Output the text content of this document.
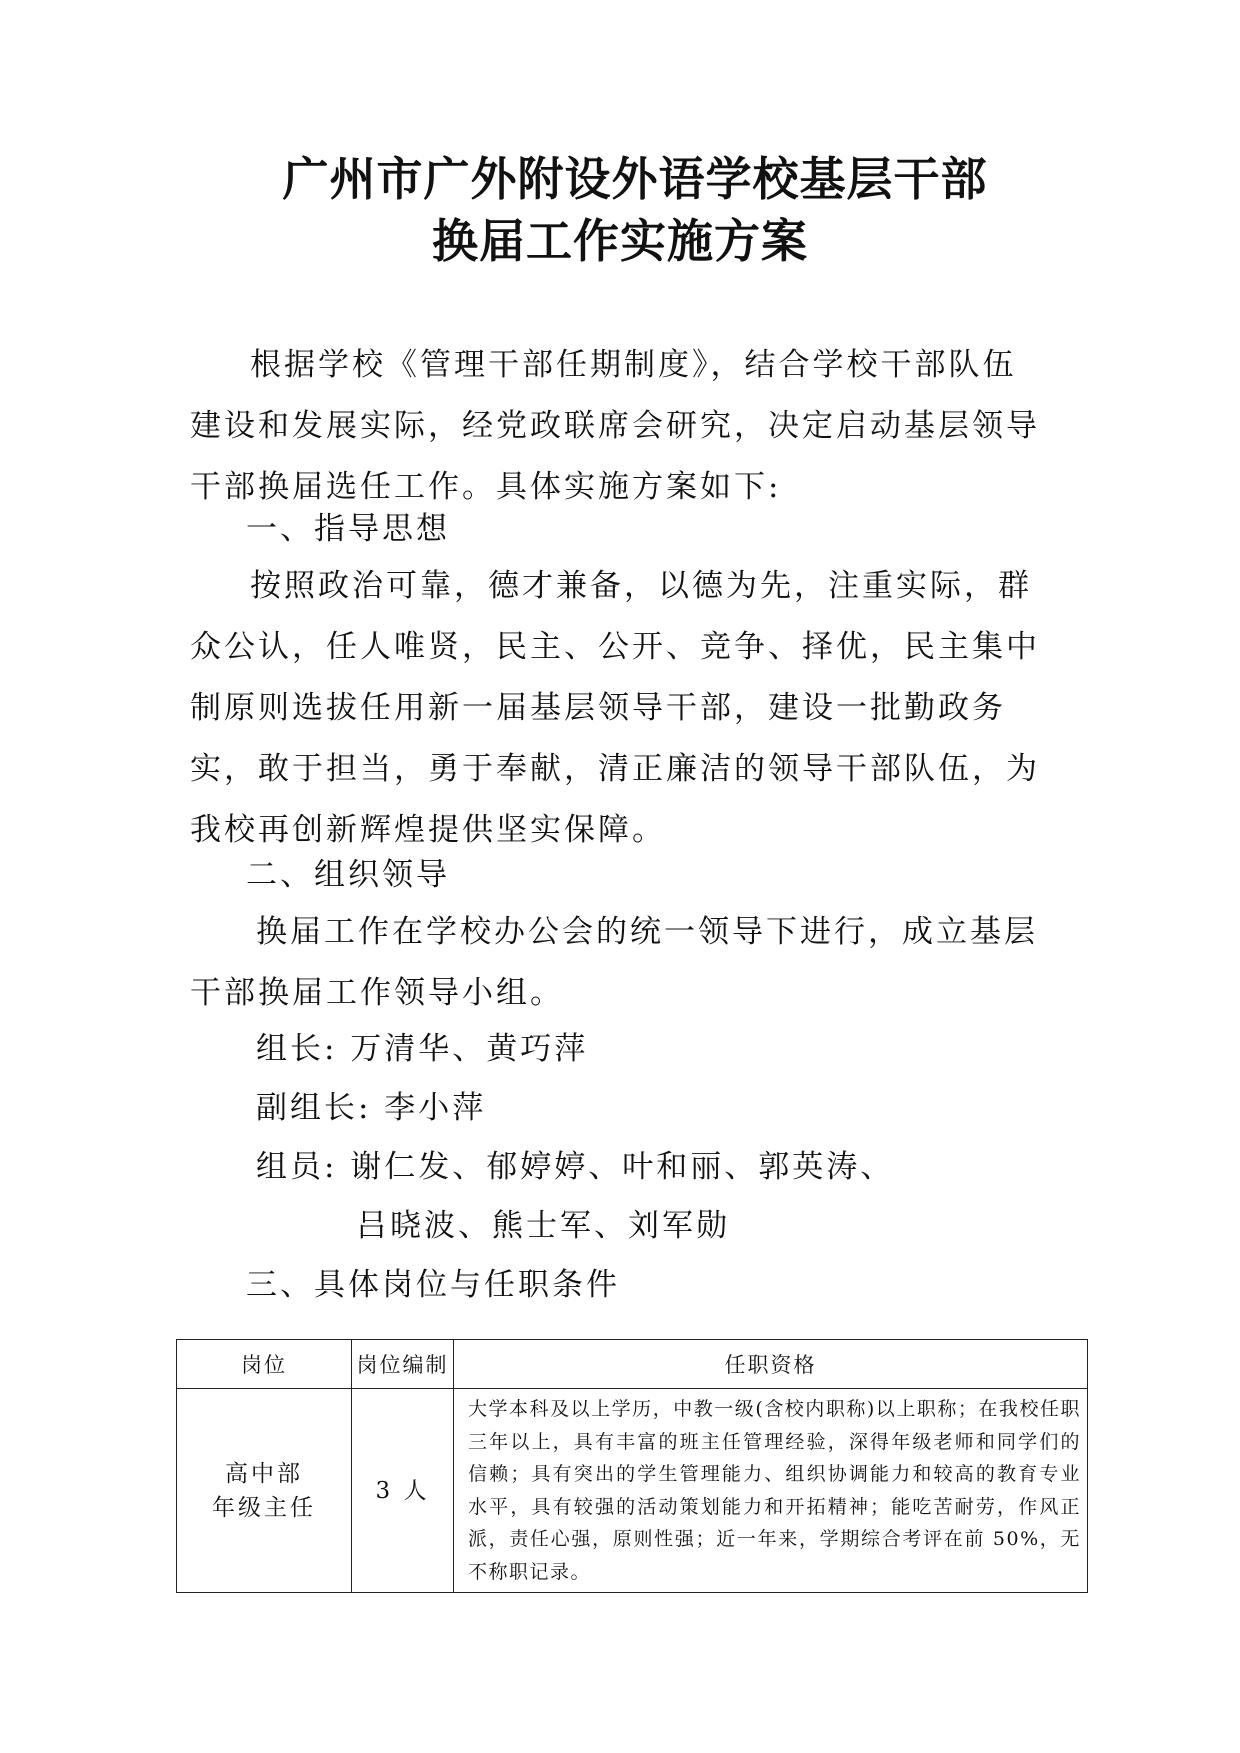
广州市广外附设外语学校基层干部
换届工作实施方案

根据学校《管理干部任期制度》，结合学校干部队伍建设和发展实际，经党政联席会研究，决定启动基层领导干部换届选任工作。具体实施方案如下:

一、指导思想

按照政治可靠，德才兼备，以德为先，注重实际，群众公认，任人唯贤，民主、公开、竞争、择优，民主集中制原则选拔任用新一届基层领导干部，建设一批勤政务实，敢于担当，勇于奉献，清正廉洁的领导干部队伍，为我校再创新辉煌提供坚实保障。

二、组织领导

换届工作在学校办公会的统一领导下进行，成立基层干部换届工作领导小组。

组长: 万清华、黄巧萍
副组长: 李小萍
组员: 谢仁发、郁婷婷、叶和丽、郭英涛、
吕晓波、熊士军、刘军勋
三、具体岗位与任职条件
岗位	岗位编制	任职资格

高中部
年级主任	3 人	大学本科及以上学历，中教一级(含校内职称)以上职称；在我校任职三年以上，具有丰富的班主任管理经验，深得年级老师和同学们的信赖；具有突出的学生管理能力、组织协调能力和较高的教育专业水平，具有较强的活动策划能力和开拓精神；能吃苦耐劳，作风正派，责任心强，原则性强；近一年来，学期综合考评在前 50%，无不称职记录。
